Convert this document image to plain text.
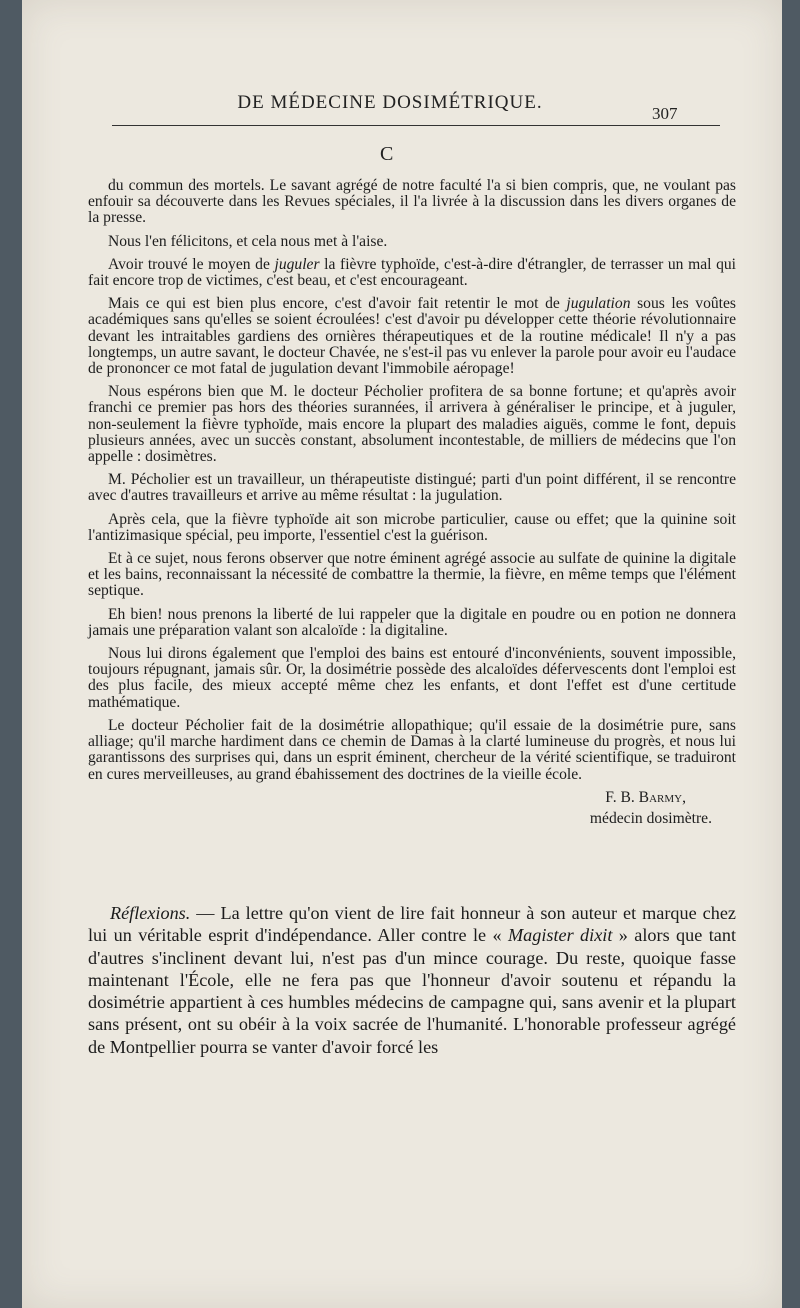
DE MÉDECINE DOSIMÉTRIQUE.
307
C

du commun des mortels. Le savant agrégé de notre faculté l'a si bien compris, que, ne voulant pas enfouir sa découverte dans les Revues spéciales, il l'a livrée à la discussion dans les divers organes de la presse.

Nous l'en félicitons, et cela nous met à l'aise.

Avoir trouvé le moyen de juguler la fièvre typhoïde, c'est-à-dire d'étrangler, de terrasser un mal qui fait encore trop de victimes, c'est beau, et c'est encourageant.

Mais ce qui est bien plus encore, c'est d'avoir fait retentir le mot de jugulation sous les voûtes académiques sans qu'elles se soient écroulées! c'est d'avoir pu développer cette théorie révolutionnaire devant les intraitables gardiens des ornières thérapeutiques et de la routine médicale! Il n'y a pas longtemps, un autre savant, le docteur Chavée, ne s'est-il pas vu enlever la parole pour avoir eu l'audace de prononcer ce mot fatal de jugulation devant l'immobile aéropage!

Nous espérons bien que M. le docteur Pécholier profitera de sa bonne fortune; et qu'après avoir franchi ce premier pas hors des théories surannées, il arrivera à généraliser le principe, et à juguler, non-seulement la fièvre typhoïde, mais encore la plupart des maladies aiguës, comme le font, depuis plusieurs années, avec un succès constant, absolument incontestable, de milliers de médecins que l'on appelle : dosimètres.

M. Pécholier est un travailleur, un thérapeutiste distingué; parti d'un point différent, il se rencontre avec d'autres travailleurs et arrive au même résultat : la jugulation.

Après cela, que la fièvre typhoïde ait son microbe particulier, cause ou effet; que la quinine soit l'antizimasique spécial, peu importe, l'essentiel c'est la guérison.

Et à ce sujet, nous ferons observer que notre éminent agrégé associe au sulfate de quinine la digitale et les bains, reconnaissant la nécessité de combattre la thermie, la fièvre, en même temps que l'élément septique.

Eh bien! nous prenons la liberté de lui rappeler que la digitale en poudre ou en potion ne donnera jamais une préparation valant son alcaloïde : la digitaline.

Nous lui dirons également que l'emploi des bains est entouré d'inconvénients, souvent impossible, toujours répugnant, jamais sûr. Or, la dosimétrie possède des alcaloïdes défervescents dont l'emploi est des plus facile, des mieux accepté même chez les enfants, et dont l'effet est d'une certitude mathématique.

Le docteur Pécholier fait de la dosimétrie allopathique; qu'il essaie de la dosimétrie pure, sans alliage; qu'il marche hardiment dans ce chemin de Damas à la clarté lumineuse du progrès, et nous lui garantissons des surprises qui, dans un esprit éminent, chercheur de la vérité scientifique, se traduiront en cures merveilleuses, au grand ébahissement des doctrines de la vieille école.

F. B. Barmy,
médecin dosimètre.

Réflexions. — La lettre qu'on vient de lire fait honneur à son auteur et marque chez lui un véritable esprit d'indépendance. Aller contre le « Magister dixit » alors que tant d'autres s'inclinent devant lui, n'est pas d'un mince courage. Du reste, quoique fasse maintenant l'École, elle ne fera pas que l'honneur d'avoir soutenu et répandu la dosimétrie appartient à ces humbles médecins de campagne qui, sans avenir et la plupart sans présent, ont su obéir à la voix sacrée de l'humanité. L'honorable professeur agrégé de Montpellier pourra se vanter d'avoir forcé les
